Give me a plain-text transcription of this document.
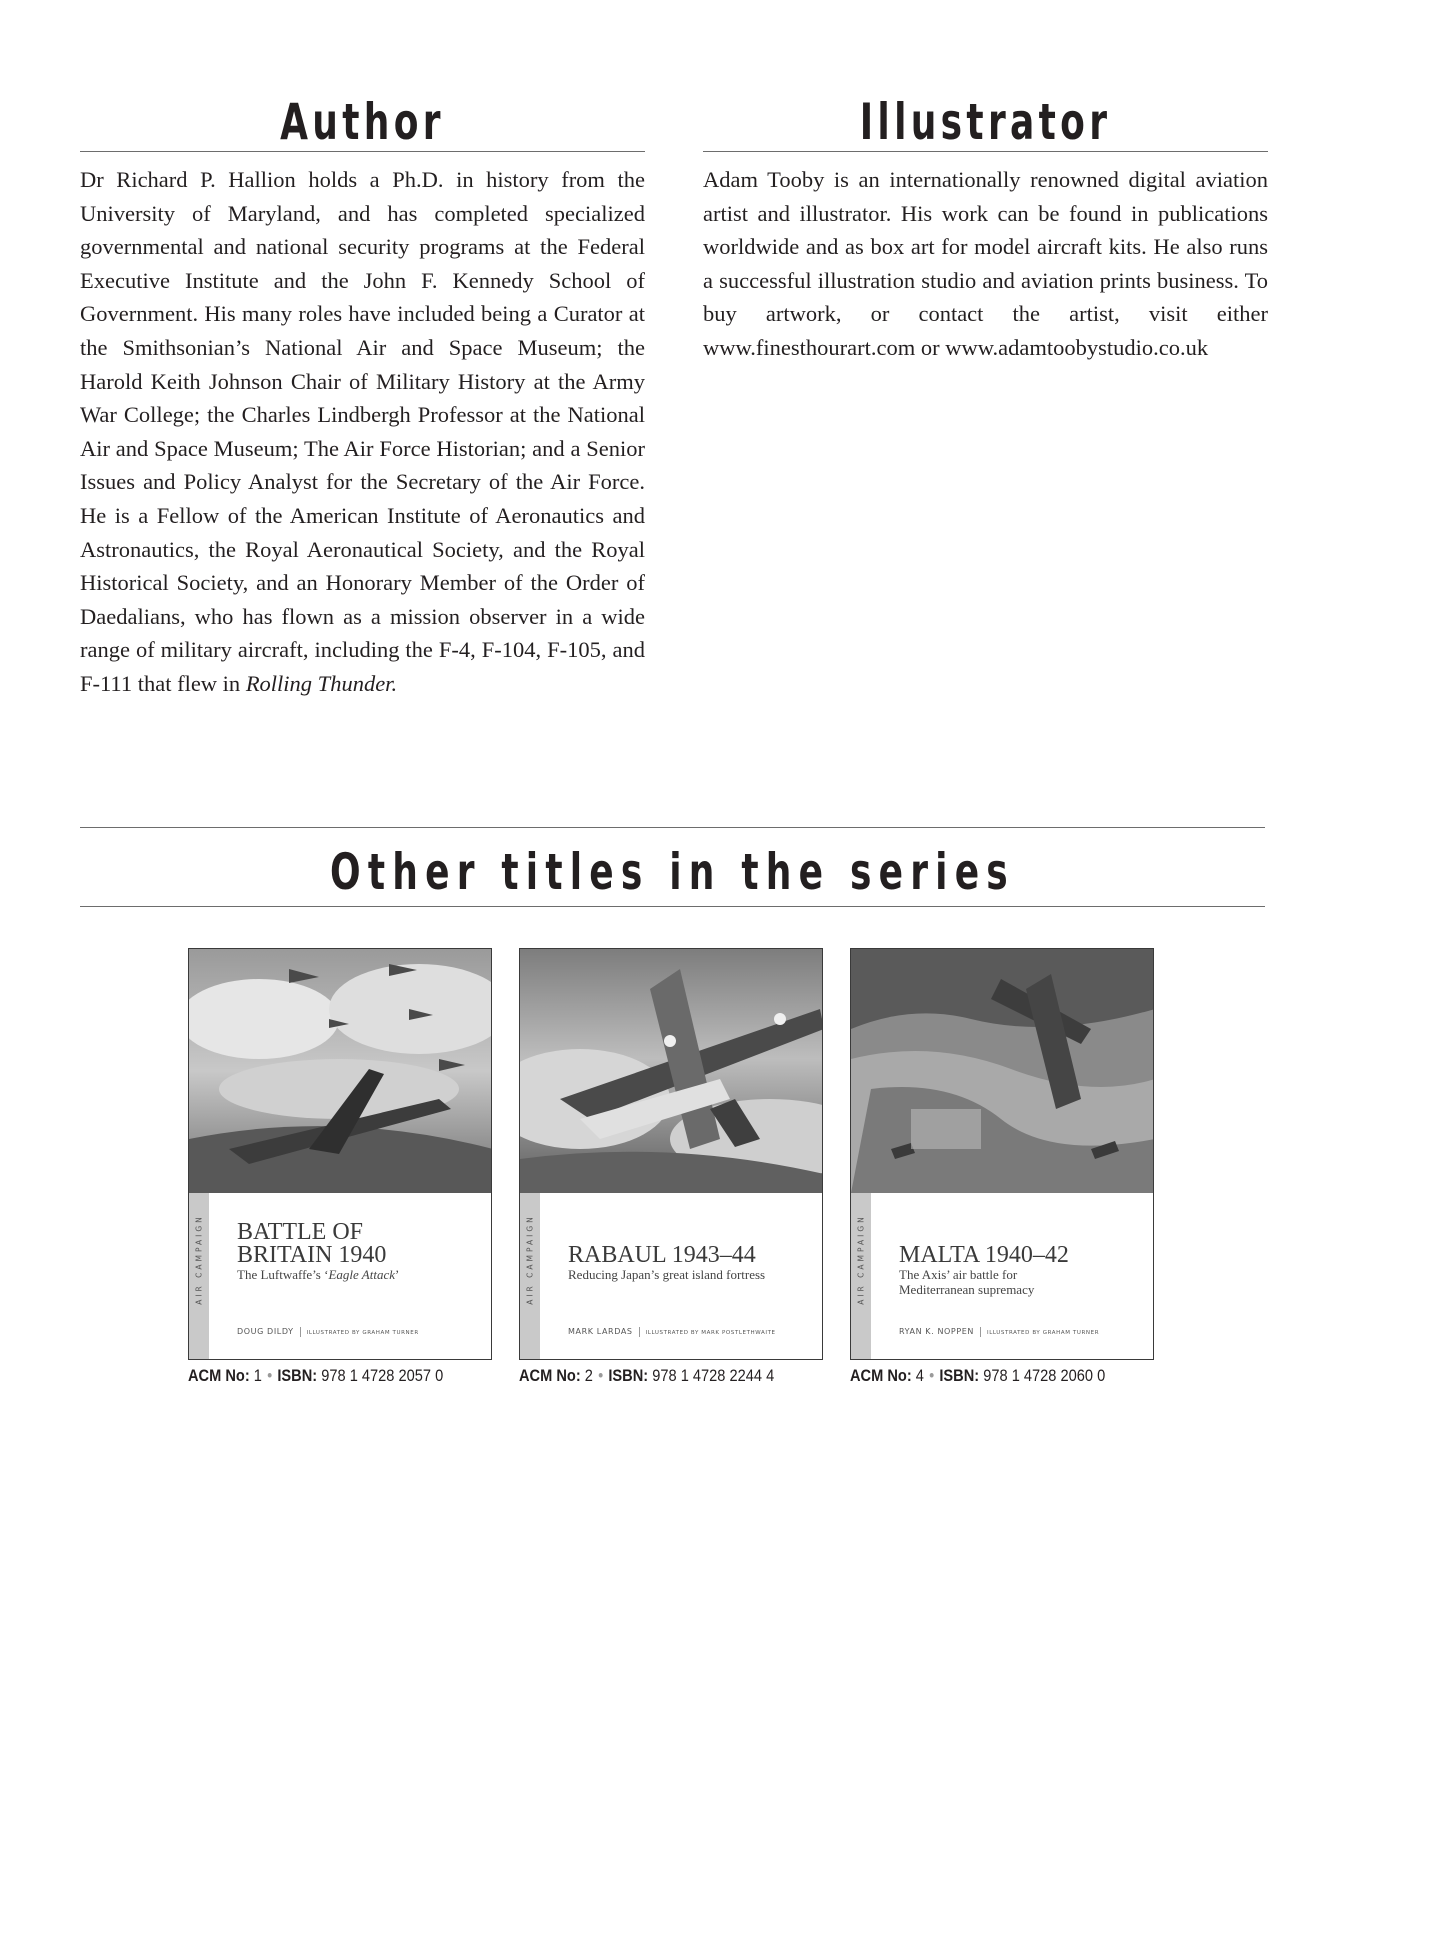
Author

Dr Richard P. Hallion holds a Ph.D. in history from the University of Maryland, and has completed specialized governmental and national security programs at the Federal Executive Institute and the John F. Kennedy School of Government. His many roles have included being a Curator at the Smithsonian’s National Air and Space Museum; the Harold Keith Johnson Chair of Military History at the Army War College; the Charles Lindbergh Professor at the National Air and Space Museum; The Air Force Historian; and a Senior Issues and Policy Analyst for the Secretary of the Air Force. He is a Fellow of the American Institute of Aeronautics and Astronautics, the Royal Aeronautical Society, and the Royal Historical Society, and an Honorary Member of the Order of Daedalians, who has flown as a mission observer in a wide range of military aircraft, including the F-4, F-104, F-105, and F-111 that flew in Rolling Thunder.

Illustrator

Adam Tooby is an internationally renowned digital aviation artist and illustrator. His work can be found in publications worldwide and as box art for model aircraft kits. He also runs a successful illustration studio and aviation prints business. To buy artwork, or contact the artist, visit either www.finesthourart.com or www.adamtoobystudio.co.uk

Other titles in the series
AIR CAMPAIGN BATTLE OF BRITAIN 1940
The Luftwaffe’s ‘Eagle Attack’
DOUG DILDY ILLUSTRATED BY GRAHAM TURNER
ACM No: 1 • ISBN: 978 1 4728 2057 0
AIR CAMPAIGN RABAUL 1943–44
Reducing Japan’s great island fortress
MARK LARDAS ILLUSTRATED BY MARK POSTLETHWAITE
ACM No: 2 • ISBN: 978 1 4728 2244 4
AIR CAMPAIGN MALTA 1940–42
The Axis’ air battle for Mediterranean supremacy
RYAN K. NOPPEN ILLUSTRATED BY GRAHAM TURNER
ACM No: 4 • ISBN: 978 1 4728 2060 0
